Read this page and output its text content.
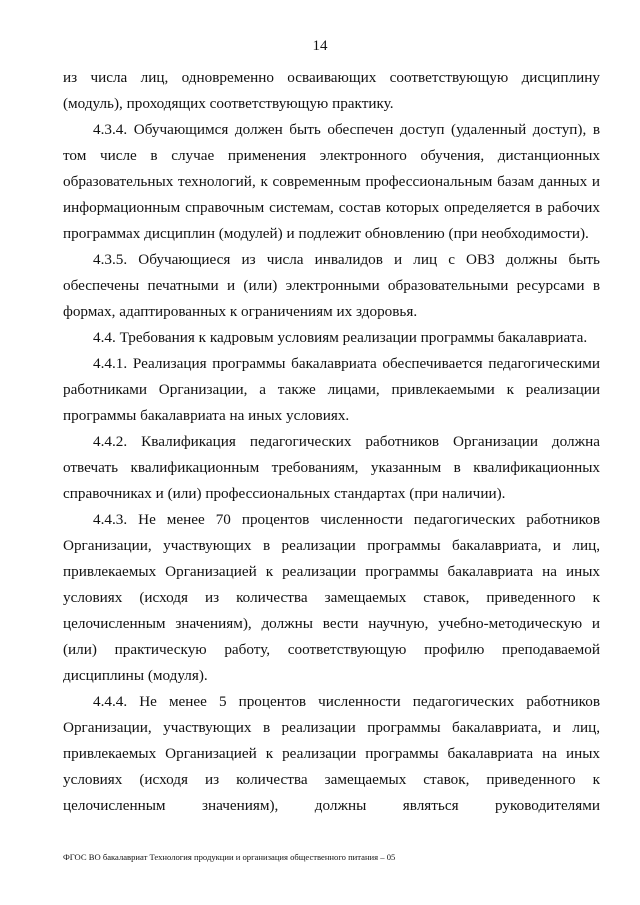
14

из числа лиц, одновременно осваивающих соответствующую дисциплину (модуль), проходящих соответствующую практику.

4.3.4. Обучающимся должен быть обеспечен доступ (удаленный доступ), в том числе в случае применения электронного обучения, дистанционных образовательных технологий, к современным профессиональным базам данных и информационным справочным системам, состав которых определяется в рабочих программах дисциплин (модулей) и подлежит обновлению (при необходимости).

4.3.5. Обучающиеся из числа инвалидов и лиц с ОВЗ должны быть обеспечены печатными и (или) электронными образовательными ресурсами в формах, адаптированных к ограничениям их здоровья.

4.4. Требования к кадровым условиям реализации программы бакалавриата.

4.4.1. Реализация программы бакалавриата обеспечивается педагогическими работниками Организации, а также лицами, привлекаемыми к реализации программы бакалавриата на иных условиях.

4.4.2. Квалификация педагогических работников Организации должна отвечать квалификационным требованиям, указанным в квалификационных справочниках и (или) профессиональных стандартах (при наличии).

4.4.3. Не менее 70 процентов численности педагогических работников Организации, участвующих в реализации программы бакалавриата, и лиц, привлекаемых Организацией к реализации программы бакалавриата на иных условиях (исходя из количества замещаемых ставок, приведенного к целочисленным значениям), должны вести научную, учебно-методическую и (или) практическую работу, соответствующую профилю преподаваемой дисциплины (модуля).

4.4.4. Не менее 5 процентов численности педагогических работников Организации, участвующих в реализации программы бакалавриата, и лиц, привлекаемых Организацией к реализации программы бакалавриата на иных условиях (исходя из количества замещаемых ставок, приведенного к целочисленным значениям), должны являться руководителями

ФГОС ВО бакалавриат Технология продукции и организация общественного питания – 05
